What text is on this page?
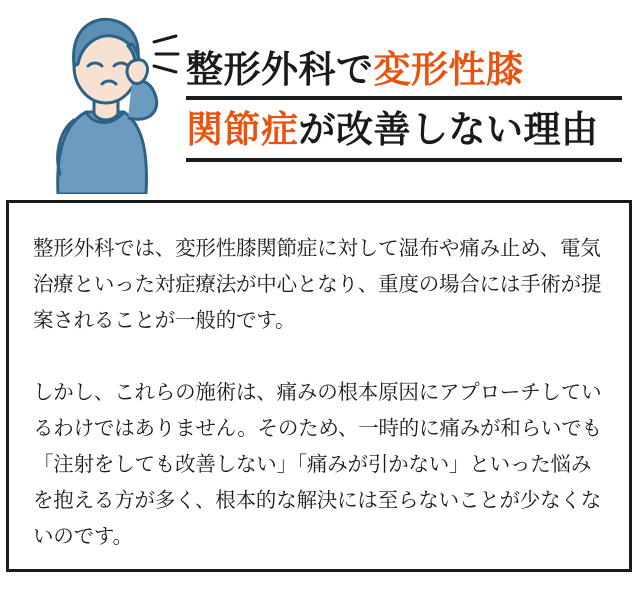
整形外科で変形性膝
関節症が改善しない理由

整形外科では、変形性膝関節症に対して湿布や痛み止め、電気治療といった対症療法が中心となり、重度の場合には手術が提案されることが一般的です。

しかし、これらの施術は、痛みの根本原因にアプローチしているわけではありません。そのため、一時的に痛みが和らいでも「注射をしても改善しない」「痛みが引かない」といった悩みを抱える方が多く、根本的な解決には至らないことが少なくないのです。
